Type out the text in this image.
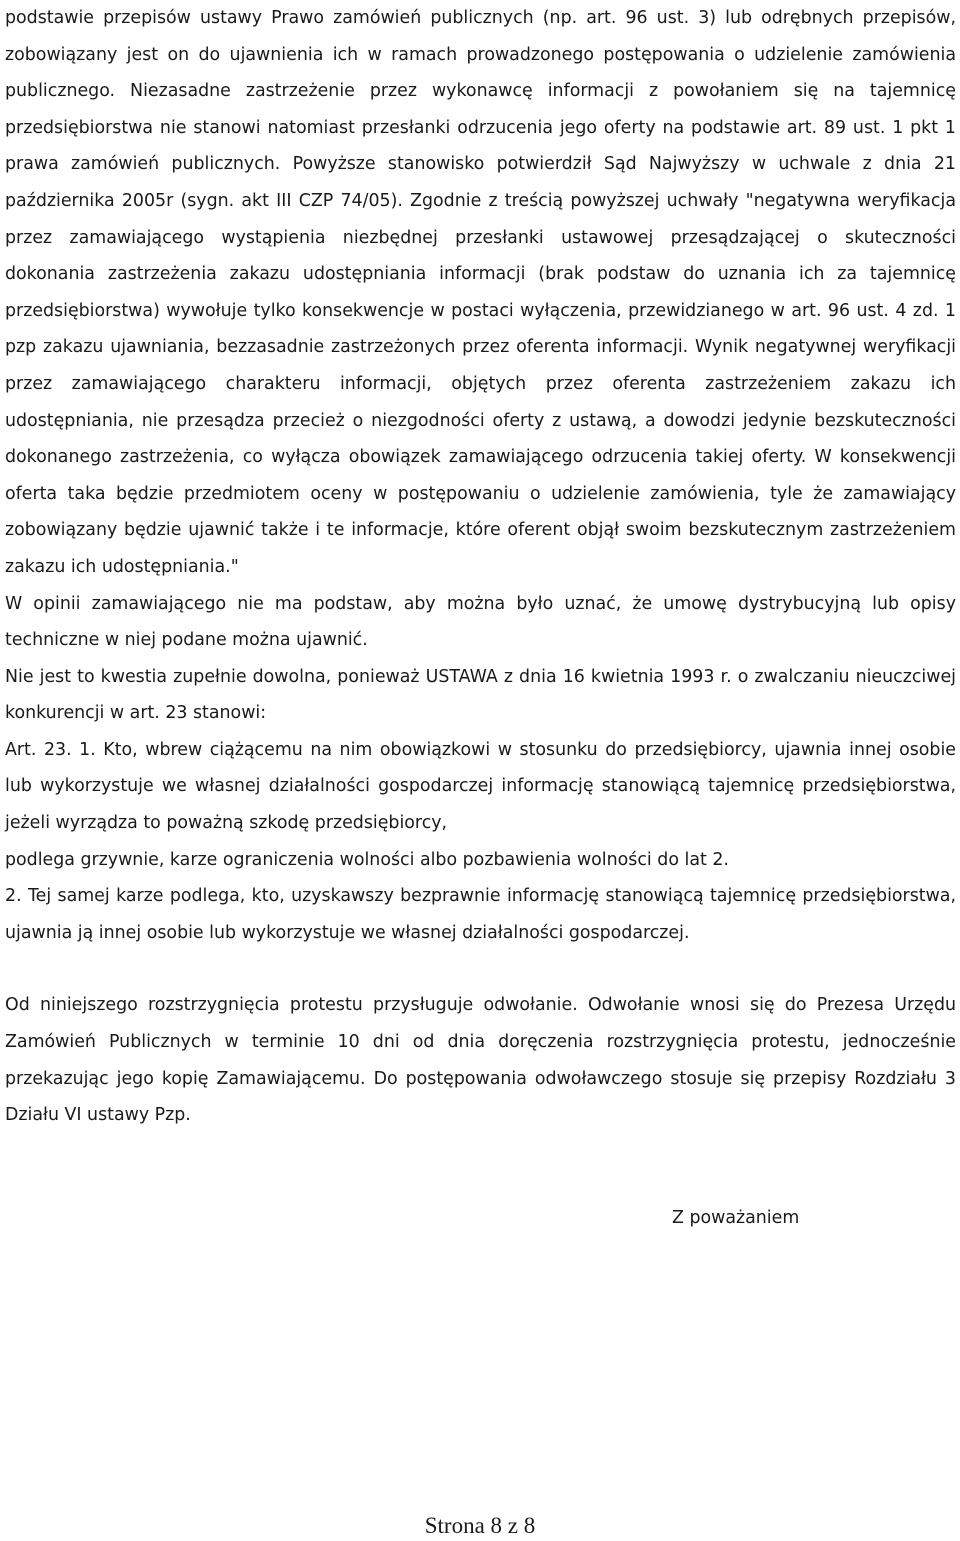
podstawie przepisów ustawy Prawo zamówień publicznych (np. art. 96 ust. 3) lub odrębnych przepisów, zobowiązany jest on do ujawnienia ich w ramach prowadzonego postępowania o udzielenie zamówienia publicznego. Niezasadne zastrzeżenie przez wykonawcę informacji z powołaniem się na tajemnicę przedsiębiorstwa nie stanowi natomiast przesłanki odrzucenia jego oferty na podstawie art. 89 ust. 1 pkt 1 prawa zamówień publicznych. Powyższe stanowisko potwierdził Sąd Najwyższy w uchwale z dnia 21 października 2005r (sygn. akt III CZP 74/05). Zgodnie z treścią powyższej uchwały "negatywna weryfikacja przez zamawiającego wystąpienia niezbędnej przesłanki ustawowej przesądzającej o skuteczności dokonania zastrzeżenia zakazu udostępniania informacji (brak podstaw do uznania ich za tajemnicę przedsiębiorstwa) wywołuje tylko konsekwencje w postaci wyłączenia, przewidzianego w art. 96 ust. 4 zd. 1 pzp zakazu ujawniania, bezzasadnie zastrzeżonych przez oferenta informacji. Wynik negatywnej weryfikacji przez zamawiającego charakteru informacji, objętych przez oferenta zastrzeżeniem zakazu ich udostępniania, nie przesądza przecież o niezgodności oferty z ustawą, a dowodzi jedynie bezskuteczności dokonanego zastrzeżenia, co wyłącza obowiązek zamawiającego odrzucenia takiej oferty. W konsekwencji oferta taka będzie przedmiotem oceny w postępowaniu o udzielenie zamówienia, tyle że zamawiający zobowiązany będzie ujawnić także i te informacje, które oferent objął swoim bezskutecznym zastrzeżeniem zakazu ich udostępniania."

W opinii zamawiającego nie ma podstaw, aby można było uznać, że umowę dystrybucyjną lub opisy techniczne w niej podane można ujawnić.

Nie jest to kwestia zupełnie dowolna, ponieważ USTAWA z dnia 16 kwietnia 1993 r. o zwalczaniu nieuczciwej konkurencji w art. 23 stanowi:

Art. 23. 1. Kto, wbrew ciążącemu na nim obowiązkowi w stosunku do przedsiębiorcy, ujawnia innej osobie lub wykorzystuje we własnej działalności gospodarczej informację stanowiącą tajemnicę przedsiębiorstwa, jeżeli wyrządza to poważną szkodę przedsiębiorcy,

podlega grzywnie, karze ograniczenia wolności albo pozbawienia wolności do lat 2.

2. Tej samej karze podlega, kto, uzyskawszy bezprawnie informację stanowiącą tajemnicę przedsiębiorstwa, ujawnia ją innej osobie lub wykorzystuje we własnej działalności gospodarczej.

Od niniejszego rozstrzygnięcia protestu przysługuje odwołanie. Odwołanie wnosi się do Prezesa Urzędu Zamówień Publicznych w terminie 10 dni od dnia doręczenia rozstrzygnięcia protestu, jednocześnie przekazując jego kopię Zamawiającemu. Do postępowania odwoławczego stosuje się przepisy Rozdziału 3 Działu VI ustawy Pzp.

Z poważaniem
Strona 8 z 8
